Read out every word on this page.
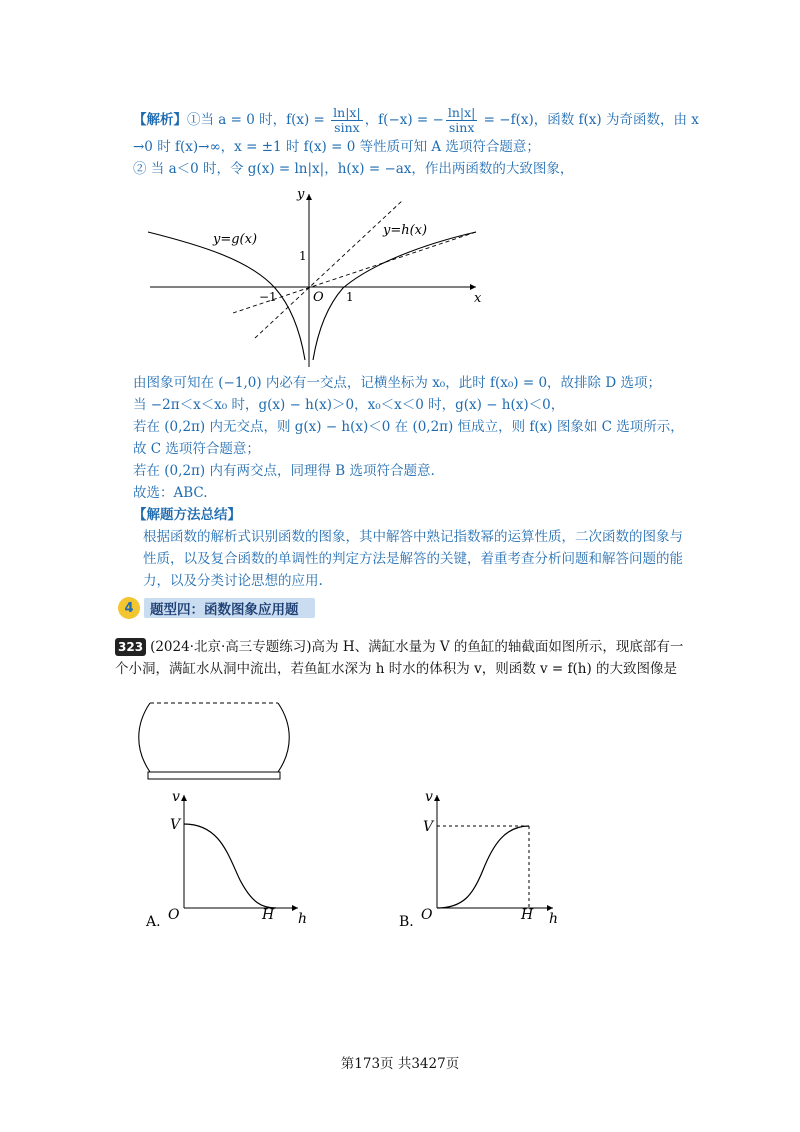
【解析】①当 a = 0 时，$f(x) = \frac{\ln|x|}{\sin x}$ ，f(−x) = − $\frac{\ln|x|}{\sin x} = -f(x)$，函数 f(x) 为奇函数，由 x
→0 时 f(x)→∞，x = ±1 时 f(x) = 0 等性质可知 A 选项符合题意；
② 当 a＜0 时，令 g(x) = ln|x|，h(x) = −ax，作出两函数的大致图象，
y
x
y=g(x)
y=h(x)
1
−1	O 1
由图象可知在 (−1,0) 内必有一交点，记横坐标为 x₀，此时 f(x₀) = 0，故排除 D 选项；
当 −2π＜x＜x₀ 时，g(x) − h(x)＞0，x₀＜x＜0 时，g(x) − h(x)＜0，
若在 (0,2π) 内无交点，则 g(x) − h(x)＜0 在 (0,2π) 恒成立，则 f(x) 图象如 C 选项所示，
故 C 选项符合题意；
若在 (0,2π) 内有两交点，同理得 B 选项符合题意.
故选：ABC.
【解题方法总结】
根据函数的解析式识别函数的图象，其中解答中熟记指数幂的运算性质，二次函数的图象与性质，以及复合函数的单调性的判定方法是解答的关键，着重考查分析问题和解答问题的能力，以及分类讨论思想的应用.
4	题型四：函数图象应用题
323 (2024·北京·高三专题练习)高为 H、满缸水量为 V 的鱼缸的轴截面如图所示，现底部有一个小洞，满缸水从洞中流出，若鱼缸水深为 h 时水的体积为 v，则函数 v = f(h) 的大致图像是
v
V
O	H h
A.
v
V
O	H h
B.
第173页 共3427页
